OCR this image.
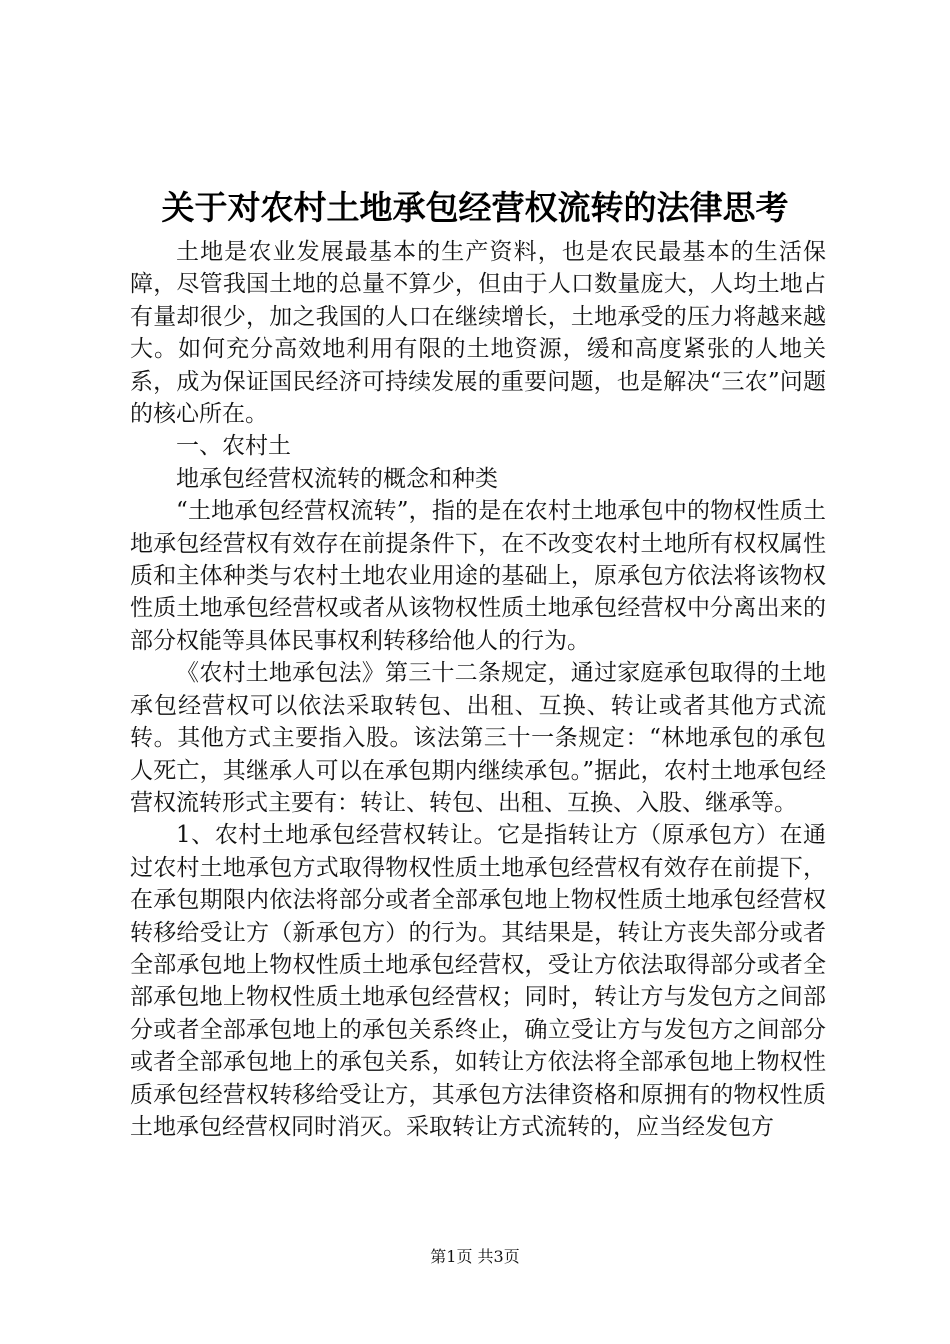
关于对农村土地承包经营权流转的法律思考

土地是农业发展最基本的生产资料，也是农民最基本的生活保障，尽管我国土地的总量不算少，但由于人口数量庞大，人均土地占有量却很少，加之我国的人口在继续增长，土地承受的压力将越来越大。如何充分高效地利用有限的土地资源，缓和高度紧张的人地关系，成为保证国民经济可持续发展的重要问题，也是解决“三农”问题的核心所在。

一、农村土

地承包经营权流转的概念和种类

“土地承包经营权流转”，指的是在农村土地承包中的物权性质土地承包经营权有效存在前提条件下，在不改变农村土地所有权权属性质和主体种类与农村土地农业用途的基础上，原承包方依法将该物权性质土地承包经营权或者从该物权性质土地承包经营权中分离出来的部分权能等具体民事权利转移给他人的行为。

《农村土地承包法》第三十二条规定，通过家庭承包取得的土地承包经营权可以依法采取转包、出租、互换、转让或者其他方式流转。其他方式主要指入股。该法第三十一条规定：“林地承包的承包人死亡，其继承人可以在承包期内继续承包。”据此，农村土地承包经营权流转形式主要有：转让、转包、出租、互换、入股、继承等。

1、农村土地承包经营权转让。它是指转让方（原承包方）在通过农村土地承包方式取得物权性质土地承包经营权有效存在前提下，在承包期限内依法将部分或者全部承包地上物权性质土地承包经营权转移给受让方（新承包方）的行为。其结果是，转让方丧失部分或者全部承包地上物权性质土地承包经营权，受让方依法取得部分或者全部承包地上物权性质土地承包经营权；同时，转让方与发包方之间部分或者全部承包地上的承包关系终止，确立受让方与发包方之间部分或者全部承包地上的承包关系，如转让方依法将全部承包地上物权性质承包经营权转移给受让方，其承包方法律资格和原拥有的物权性质土地承包经营权同时消灭。采取转让方式流转的，应当经发包方

第1页 共3页
